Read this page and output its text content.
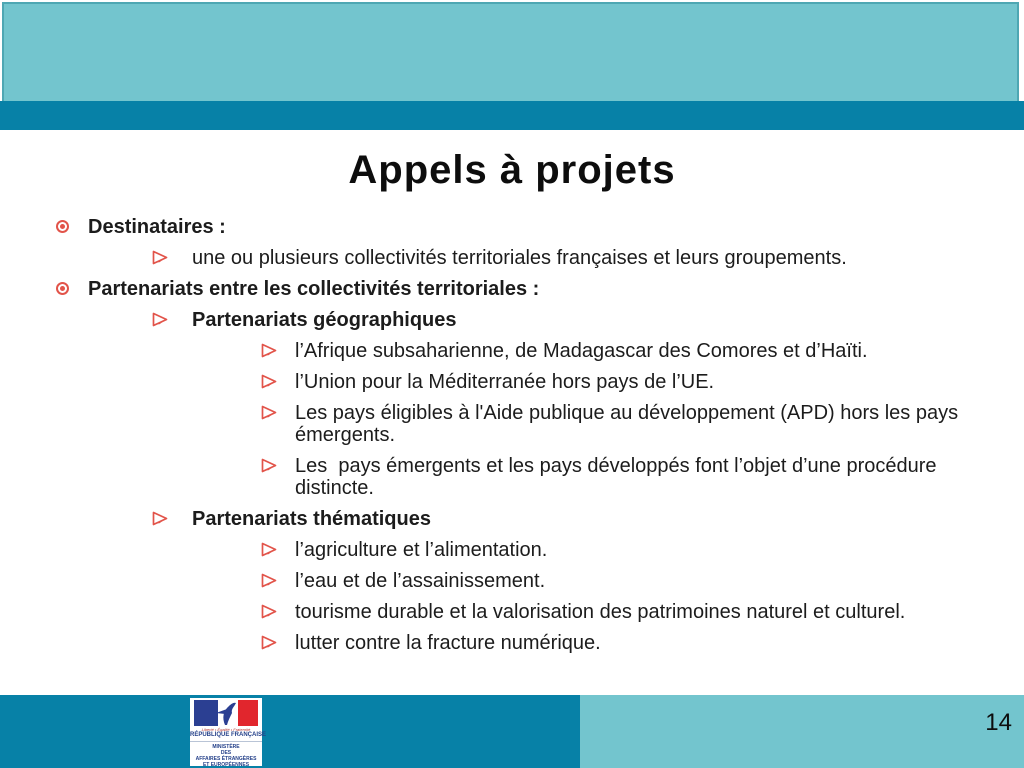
Appels à projets
Destinataires :
une ou plusieurs collectivités territoriales françaises et leurs groupements.
Partenariats entre les collectivités territoriales :
Partenariats géographiques
l’Afrique subsaharienne, de Madagascar des Comores et d’Haïti.
l’Union pour la Méditerranée hors pays de l’UE.
Les pays éligibles à l'Aide publique au développement (APD) hors les pays émergents.
Les  pays émergents et les pays développés font l’objet d’une procédure distincte.
Partenariats thématiques
l’agriculture et l’alimentation.
l’eau et de l’assainissement.
tourisme durable et la valorisation des patrimoines naturel et culturel.
lutter contre la fracture numérique.
14
Liberté • Égalité • Fraternité
RÉPUBLIQUE FRANÇAISE
MINISTÈRE
DES
AFFAIRES ÉTRANGÈRES
ET EUROPÉENNES
